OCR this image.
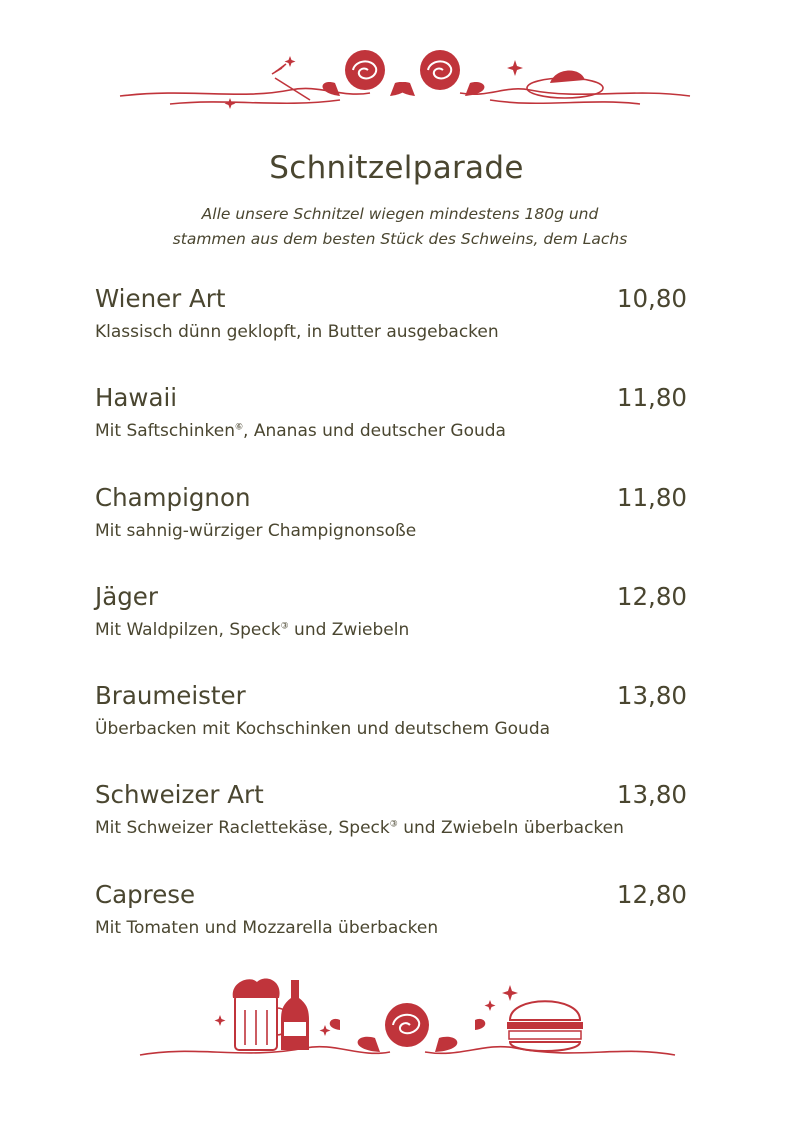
Schnitzelparade
Alle unsere Schnitzel wiegen mindestens 180g und
stammen aus dem besten Stück des Schweins, dem Lachs
Wiener Art	10,80
Klassisch dünn geklopft, in Butter ausgebacken
Hawaii	11,80
Mit Saftschinken⑥, Ananas und deutscher Gouda
Champignon	11,80
Mit sahnig-würziger Champignonsoße
Jäger	12,80
Mit Waldpilzen, Speck③ und Zwiebeln
Braumeister	13,80
Überbacken mit Kochschinken und deutschem Gouda
Schweizer Art	13,80
Mit Schweizer Raclettekäse, Speck③ und Zwiebeln überbacken
Caprese	12,80
Mit Tomaten und Mozzarella überbacken
